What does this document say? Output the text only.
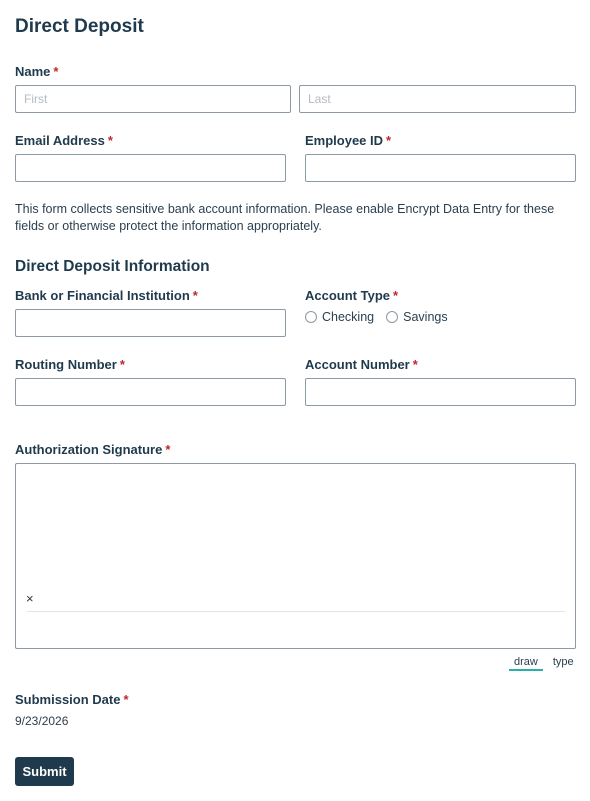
Direct Deposit
Name *
First
Last
Email Address *	Employee ID *
This form collects sensitive bank account information. Please enable Encrypt Data Entry for these fields or otherwise protect the information appropriately.
Direct Deposit Information
Bank or Financial Institution *	Account Type *
Checking Savings
Routing Number *	Account Number *
Authorization Signature *
×
draw	type
Submission Date *
9/23/2026
Submit
